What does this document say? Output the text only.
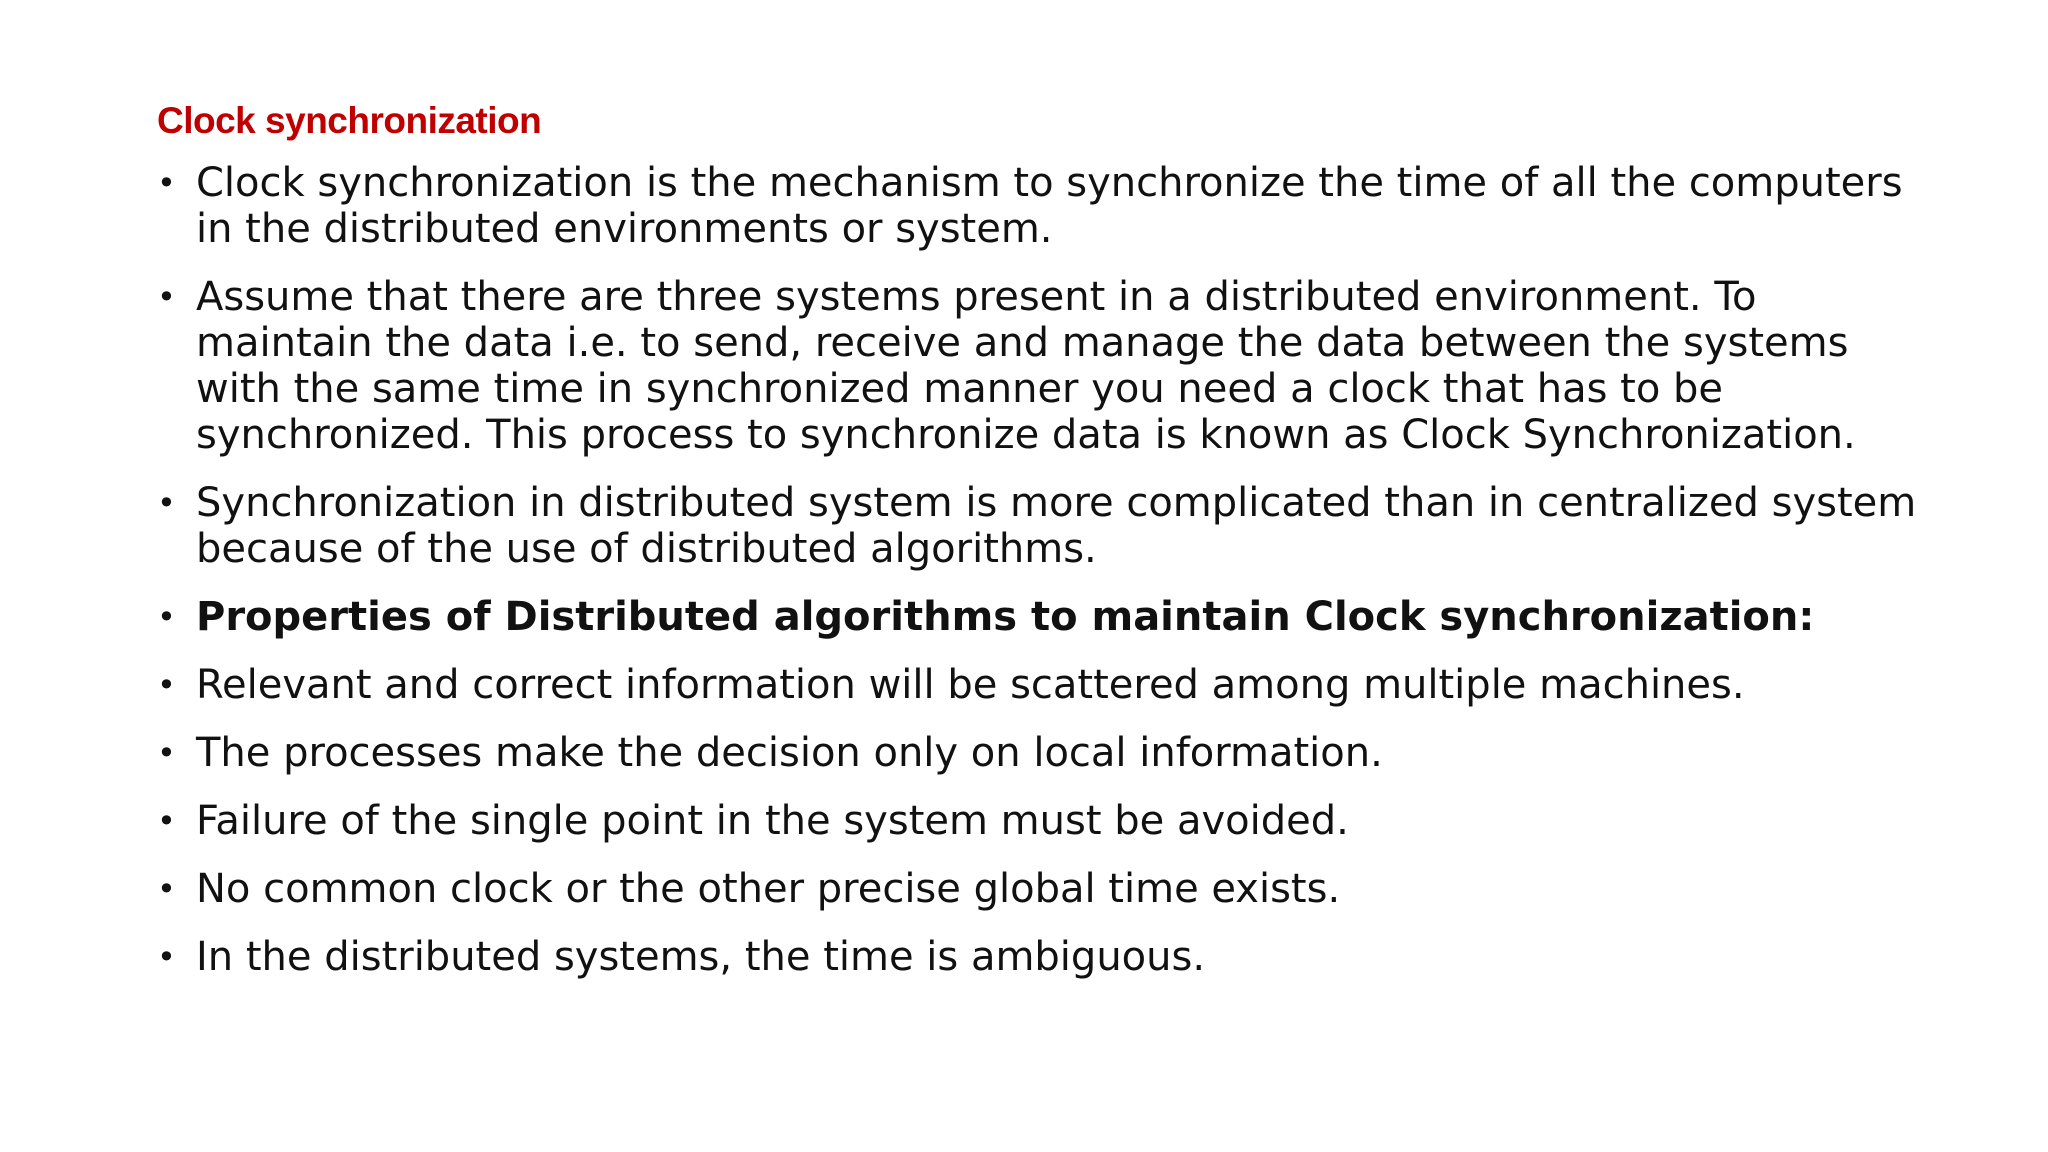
Clock synchronization
• Clock synchronization is the mechanism to synchronize the time of all the computers in the distributed environments or system.
• Assume that there are three systems present in a distributed environment. To maintain the data i.e. to send, receive and manage the data between the systems with the same time in synchronized manner you need a clock that has to be synchronized. This process to synchronize data is known as Clock Synchronization.
• Synchronization in distributed system is more complicated than in centralized system because of the use of distributed algorithms.
• Properties of Distributed algorithms to maintain Clock synchronization:
• Relevant and correct information will be scattered among multiple machines.
• The processes make the decision only on local information.
• Failure of the single point in the system must be avoided.
• No common clock or the other precise global time exists.
• In the distributed systems, the time is ambiguous.
